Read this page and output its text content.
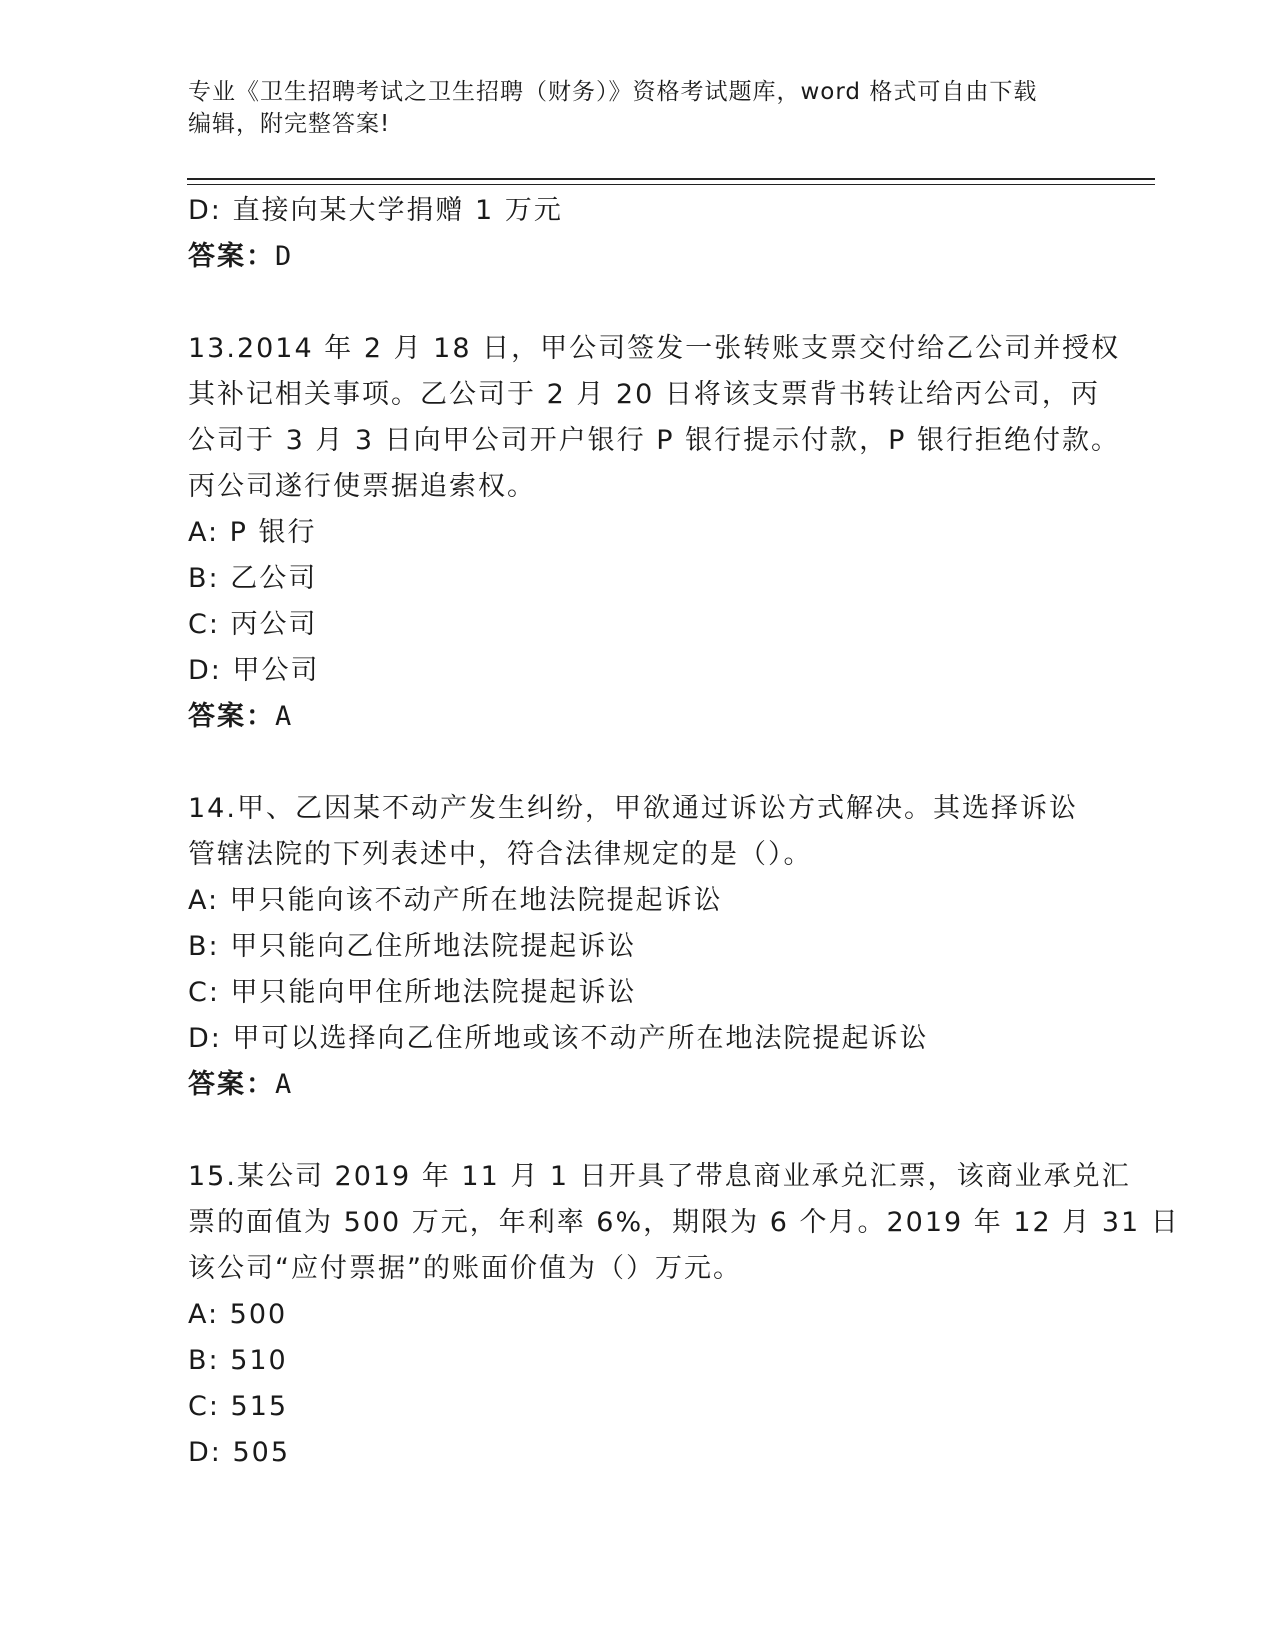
专业《卫生招聘考试之卫生招聘（财务）》资格考试题库，word 格式可自由下载
编辑，附完整答案!
D: 直接向某大学捐赠 1 万元
答案：D
13.2014 年 2 月 18 日，甲公司签发一张转账支票交付给乙公司并授权
其补记相关事项。乙公司于 2 月 20 日将该支票背书转让给丙公司，丙
公司于 3 月 3 日向甲公司开户银行 P 银行提示付款，P 银行拒绝付款。
丙公司遂行使票据追索权。
A: P 银行
B: 乙公司
C: 丙公司
D: 甲公司
答案：A
14.甲、乙因某不动产发生纠纷，甲欲通过诉讼方式解决。其选择诉讼
管辖法院的下列表述中，符合法律规定的是（）。
A: 甲只能向该不动产所在地法院提起诉讼
B: 甲只能向乙住所地法院提起诉讼
C: 甲只能向甲住所地法院提起诉讼
D: 甲可以选择向乙住所地或该不动产所在地法院提起诉讼
答案：A
15.某公司 2019 年 11 月 1 日开具了带息商业承兑汇票，该商业承兑汇
票的面值为 500 万元，年利率 6%，期限为 6 个月。2019 年 12 月 31 日
该公司“应付票据”的账面价值为（）万元。
A: 500
B: 510
C: 515
D: 505
